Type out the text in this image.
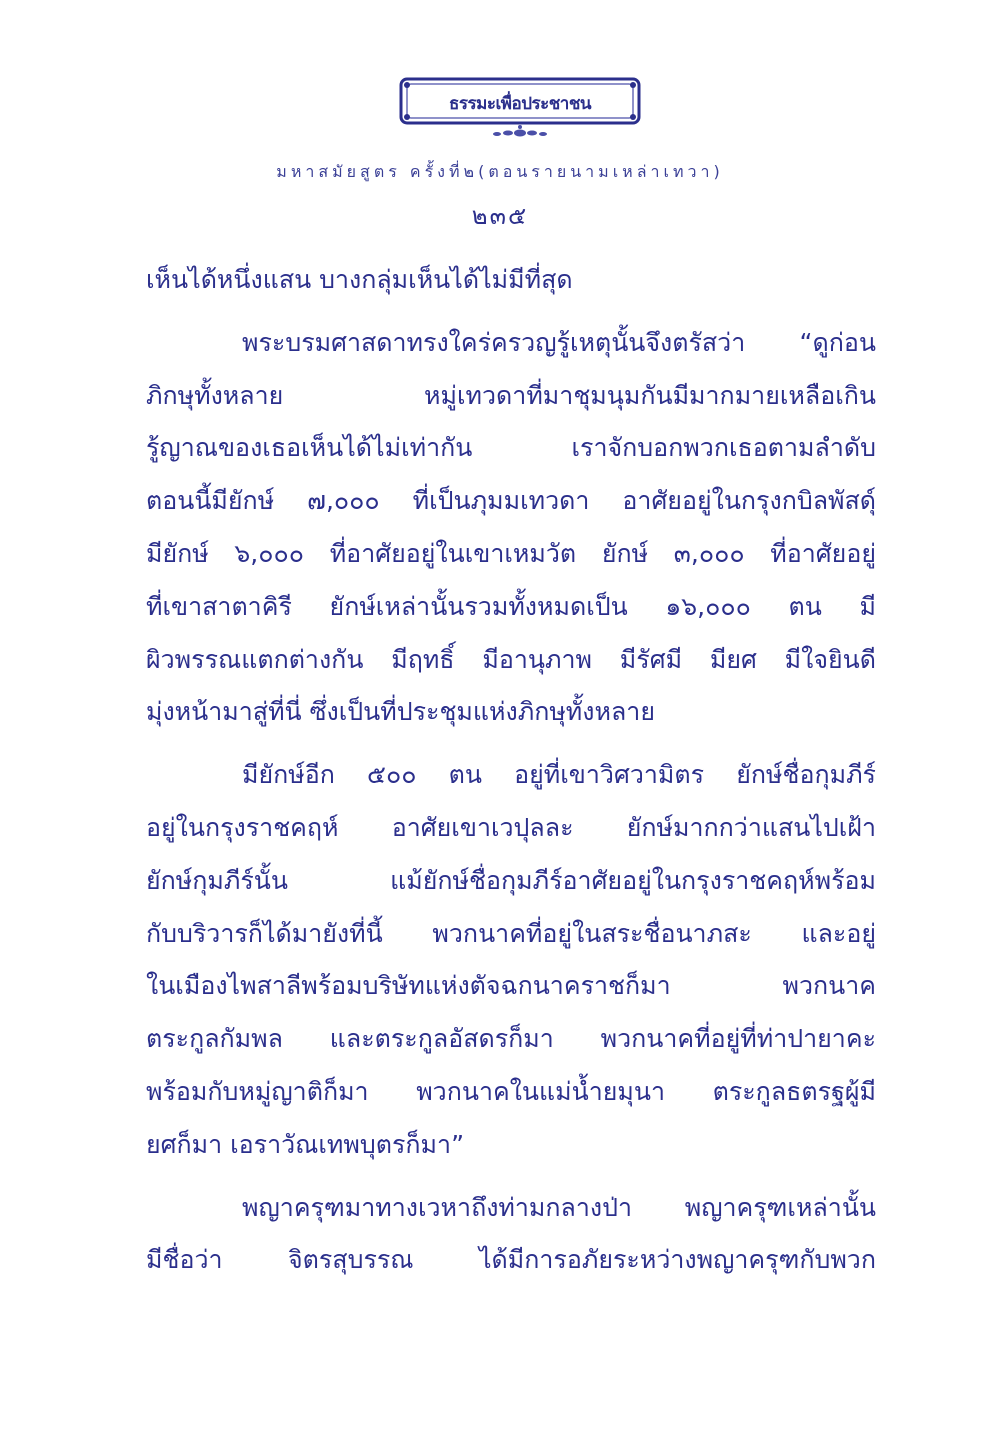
ธรรมะเพื่อประชาชน
มหาสมัยสูตร ครั้งที่๒(ตอนรายนามเหล่าเทวา)
๒๓๕
เห็นได้หนึ่งแสน บางกลุ่มเห็นได้ไม่มีที่สุด
พระบรมศาสดาทรงใคร่ครวญรู้เหตุนั้นจึงตรัสว่า “ดูก่อน
ภิกษุทั้งหลาย หมู่เทวดาที่มาชุมนุมกันมีมากมายเหลือเกิน
รู้ญาณของเธอเห็นได้ไม่เท่ากัน เราจักบอกพวกเธอตามลำดับ
ตอนนี้มียักษ์ ๗,๐๐๐ ที่เป็นภุมมเทวดา อาศัยอยู่ในกรุงกบิลพัสดุ์
มียักษ์ ๖,๐๐๐ ที่อาศัยอยู่ในเขาเหมวัต ยักษ์ ๓,๐๐๐ ที่อาศัยอยู่
ที่เขาสาตาคิรี ยักษ์เหล่านั้นรวมทั้งหมดเป็น ๑๖,๐๐๐ ตน มี
ผิวพรรณแตกต่างกัน มีฤทธิ์ มีอานุภาพ มีรัศมี มียศ มีใจยินดี
มุ่งหน้ามาสู่ที่นี่ ซึ่งเป็นที่ประชุมแห่งภิกษุทั้งหลาย
มียักษ์อีก ๕๐๐ ตน อยู่ที่เขาวิศวามิตร ยักษ์ชื่อกุมภีร์
อยู่ในกรุงราชคฤห์ อาศัยเขาเวปุลละ ยักษ์มากกว่าแสนไปเฝ้า
ยักษ์กุมภีร์นั้น แม้ยักษ์ชื่อกุมภีร์อาศัยอยู่ในกรุงราชคฤห์พร้อม
กับบริวารก็ได้มายังที่นี้ พวกนาคที่อยู่ในสระชื่อนาภสะ และอยู่
ในเมืองไพสาลีพร้อมบริษัทแห่งตัจฉกนาคราชก็มา พวกนาค
ตระกูลกัมพล และตระกูลอัสดรก็มา พวกนาคที่อยู่ที่ท่าปายาคะ
พร้อมกับหมู่ญาติก็มา พวกนาคในแม่น้ำยมุนา ตระกูลธตรฐผู้มี
ยศก็มา เอราวัณเทพบุตรก็มา”
พญาครุฑมาทางเวหาถึงท่ามกลางป่า พญาครุฑเหล่านั้น
มีชื่อว่า จิตรสุบรรณ ได้มีการอภัยระหว่างพญาครุฑกับพวก
